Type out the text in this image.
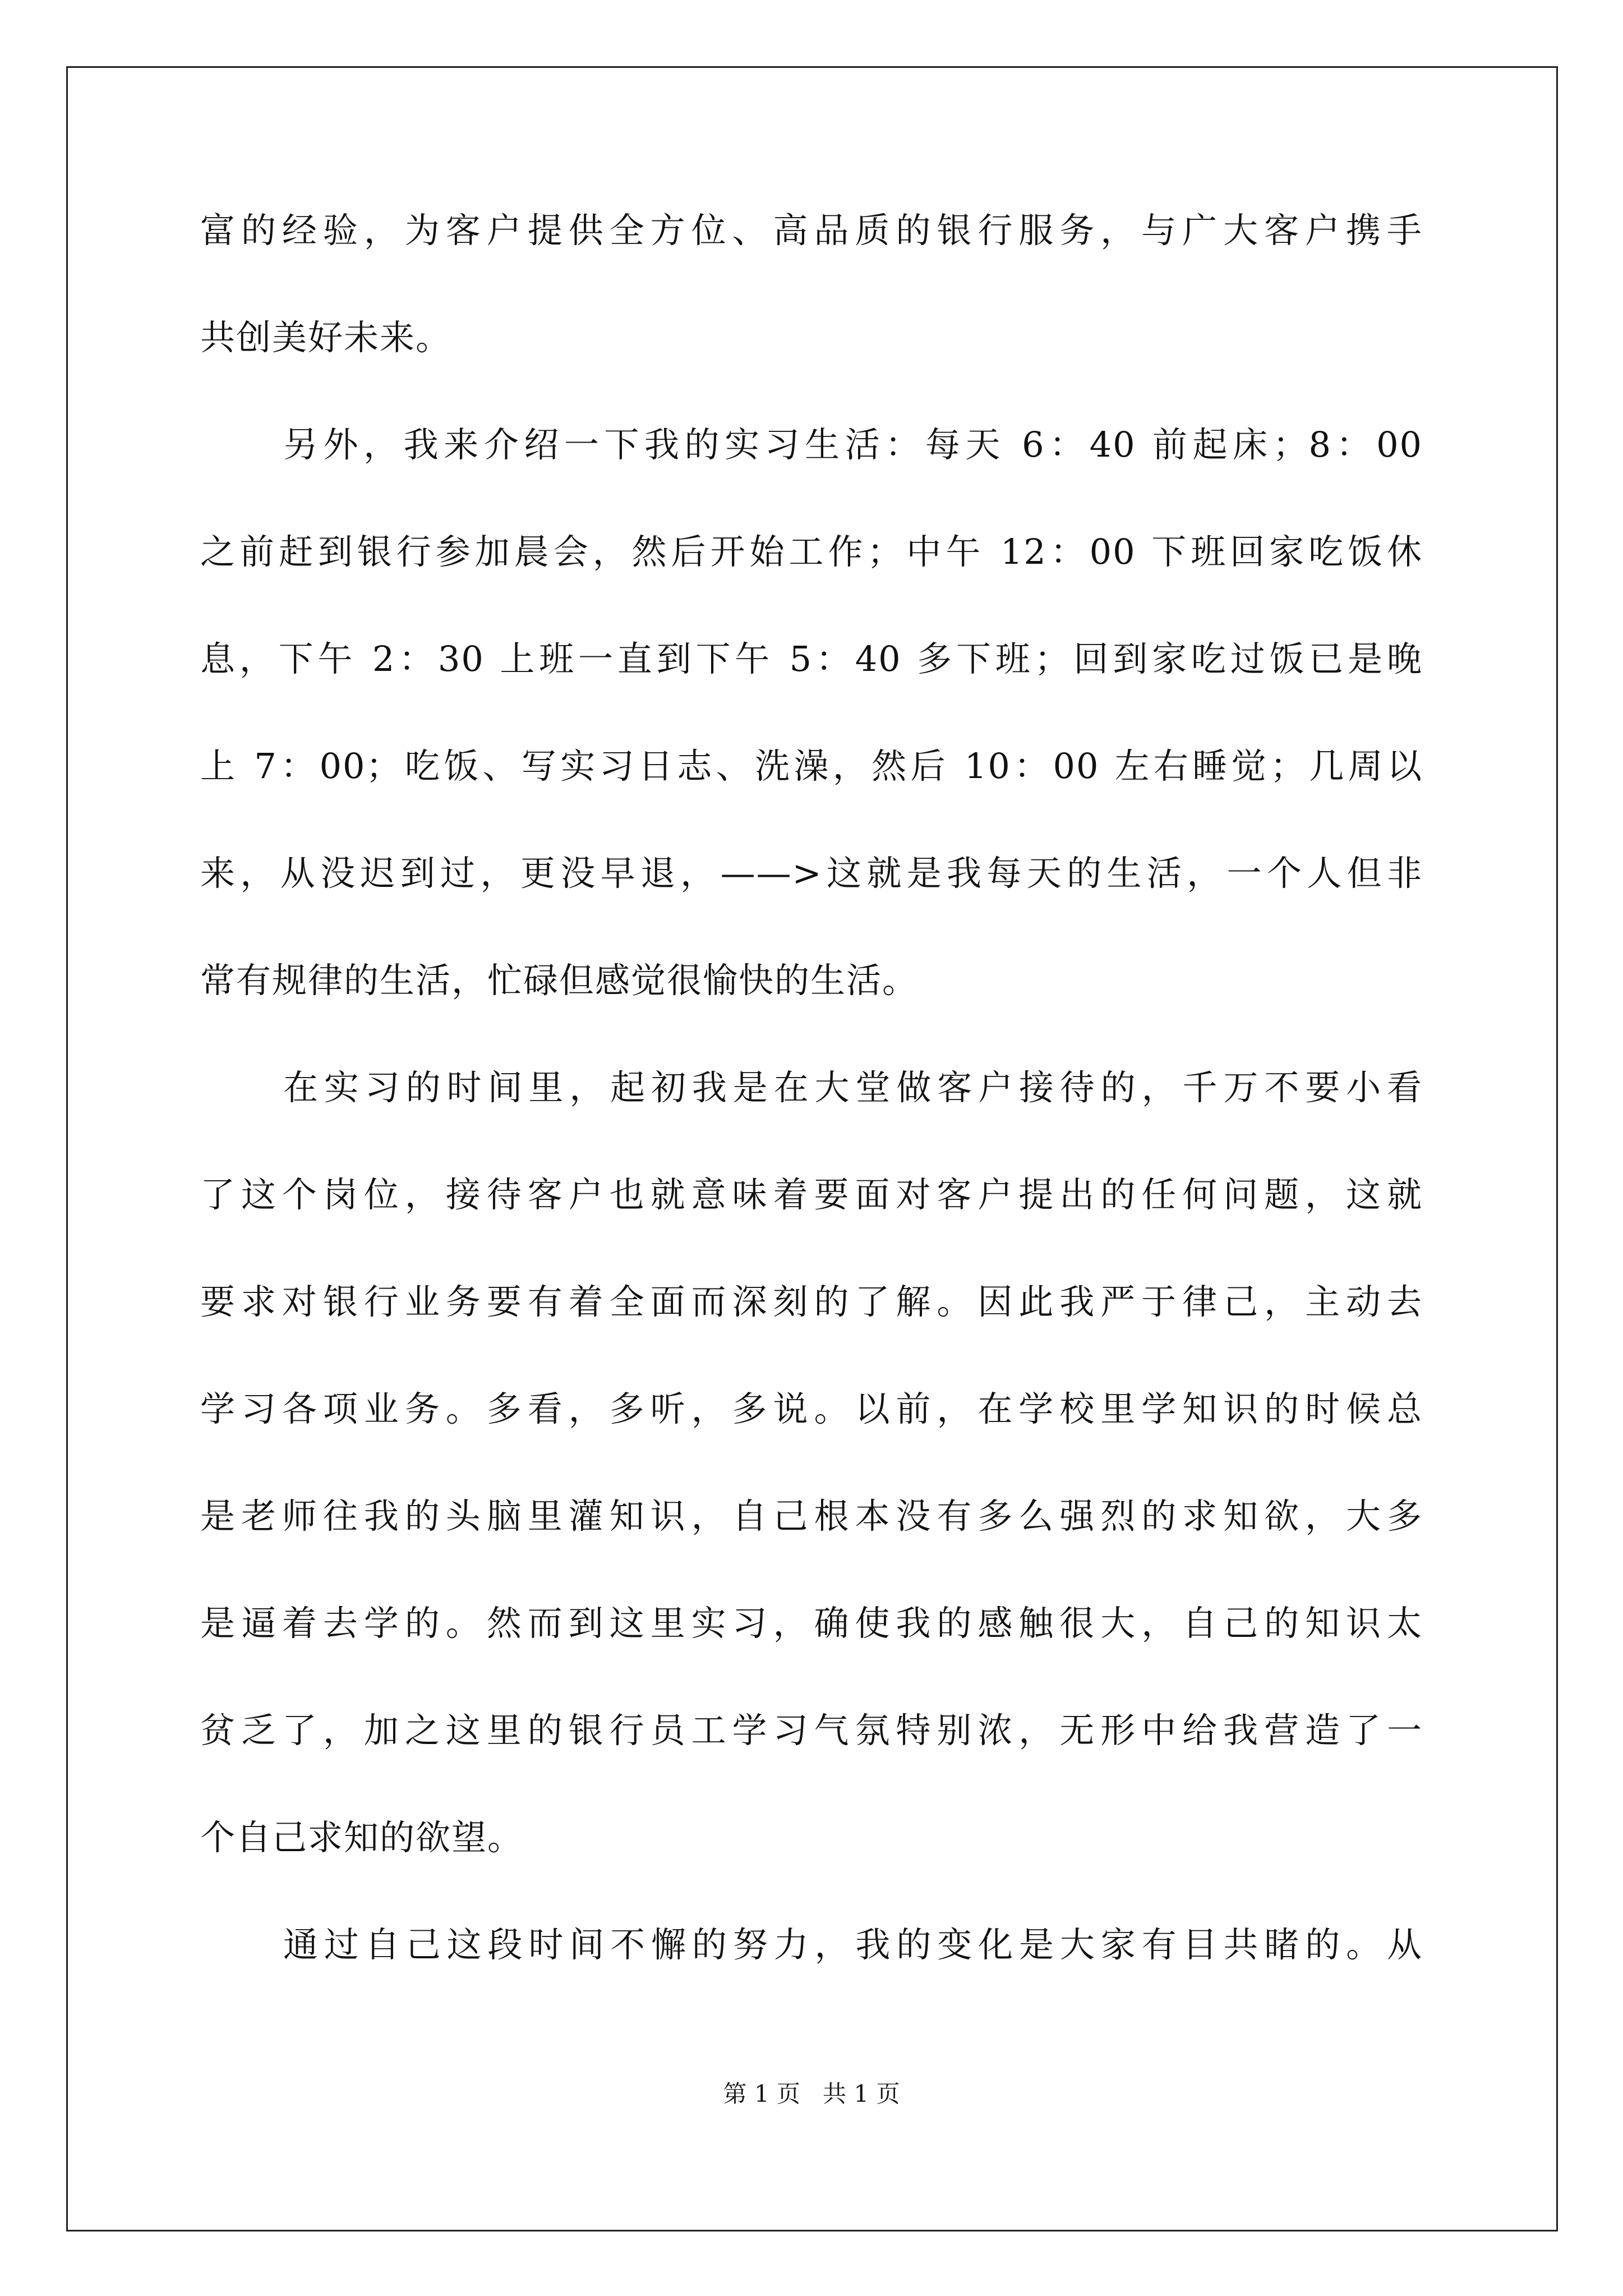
富的经验，为客户提供全方位、高品质的银行服务，与广大客户携手
共创美好未来。
另外，我来介绍一下我的实习生活：每天 6：40 前起床；8：00
之前赶到银行参加晨会，然后开始工作；中午 12：00 下班回家吃饭休
息，下午 2：30 上班一直到下午 5：40 多下班；回到家吃过饭已是晚
上 7：00；吃饭、写实习日志、洗澡，然后 10：00 左右睡觉；几周以
来，从没迟到过，更没早退，——>这就是我每天的生活，一个人但非
常有规律的生活，忙碌但感觉很愉快的生活。
在实习的时间里，起初我是在大堂做客户接待的，千万不要小看
了这个岗位，接待客户也就意味着要面对客户提出的任何问题，这就
要求对银行业务要有着全面而深刻的了解。因此我严于律己，主动去
学习各项业务。多看，多听，多说。以前，在学校里学知识的时候总
是老师往我的头脑里灌知识，自己根本没有多么强烈的求知欲，大多
是逼着去学的。然而到这里实习，确使我的感触很大，自己的知识太
贫乏了，加之这里的银行员工学习气氛特别浓，无形中给我营造了一
个自己求知的欲望。
通过自己这段时间不懈的努力，我的变化是大家有目共睹的。从
第 1 页   共 1 页
